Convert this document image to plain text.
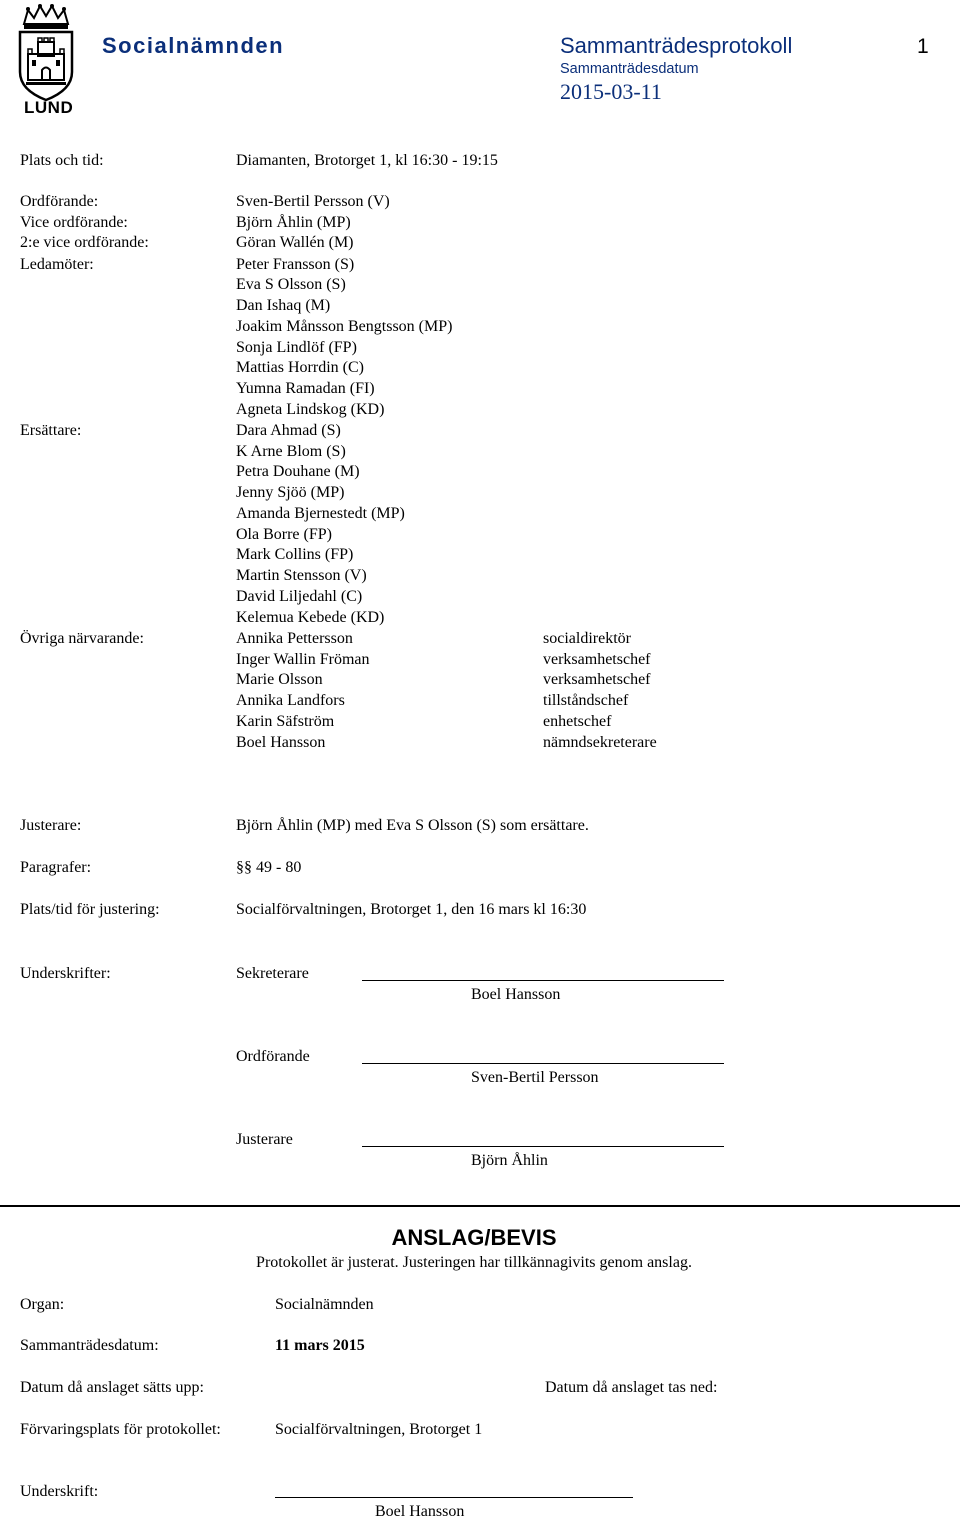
LUND
Socialnämnden	Sammanträdesprotokoll	1
Sammanträdesdatum
2015-03-11
Plats och tid:	Diamanten, Brotorget 1, kl 16:30 - 19:15
Ordförande:	Sven-Bertil Persson (V)
Vice ordförande:	Björn Åhlin (MP)
2:e vice ordförande:	Göran Wallén (M)
Ledamöter:	Peter Fransson (S)
Eva S Olsson (S)
Dan Ishaq (M)
Joakim Månsson Bengtsson (MP)
Sonja Lindlöf (FP)
Mattias Horrdin (C)
Yumna Ramadan (FI)
Agneta Lindskog (KD)
Ersättare:	Dara Ahmad (S)
K Arne Blom (S)
Petra Douhane (M)
Jenny Sjöö (MP)
Amanda Bjernestedt (MP)
Ola Borre (FP)
Mark Collins (FP)
Martin Stensson (V)
David Liljedahl (C)
Kelemua Kebede (KD)
Övriga närvarande:	Annika Pettersson	socialdirektör
Inger Wallin Fröman	verksamhetschef
Marie Olsson	verksamhetschef
Annika Landfors	tillståndschef
Karin Säfström	enhetschef
Boel Hansson	nämndsekreterare
Justerare:	Björn Åhlin (MP) med Eva S Olsson (S) som ersättare.
Paragrafer:	§§ 49 - 80
Plats/tid för justering:	Socialförvaltningen, Brotorget 1, den 16 mars kl 16:30
Underskrifter:	Sekreterare
Boel Hansson
Ordförande
Sven-Bertil Persson
Justerare
Björn Åhlin
ANSLAG/BEVIS
Protokollet är justerat. Justeringen har tillkännagivits genom anslag.
Organ:	Socialnämnden
Sammanträdesdatum:	11 mars 2015
Datum då anslaget sätts upp:	Datum då anslaget tas ned:
Förvaringsplats för protokollet:	Socialförvaltningen, Brotorget 1
Underskrift:
Boel Hansson
